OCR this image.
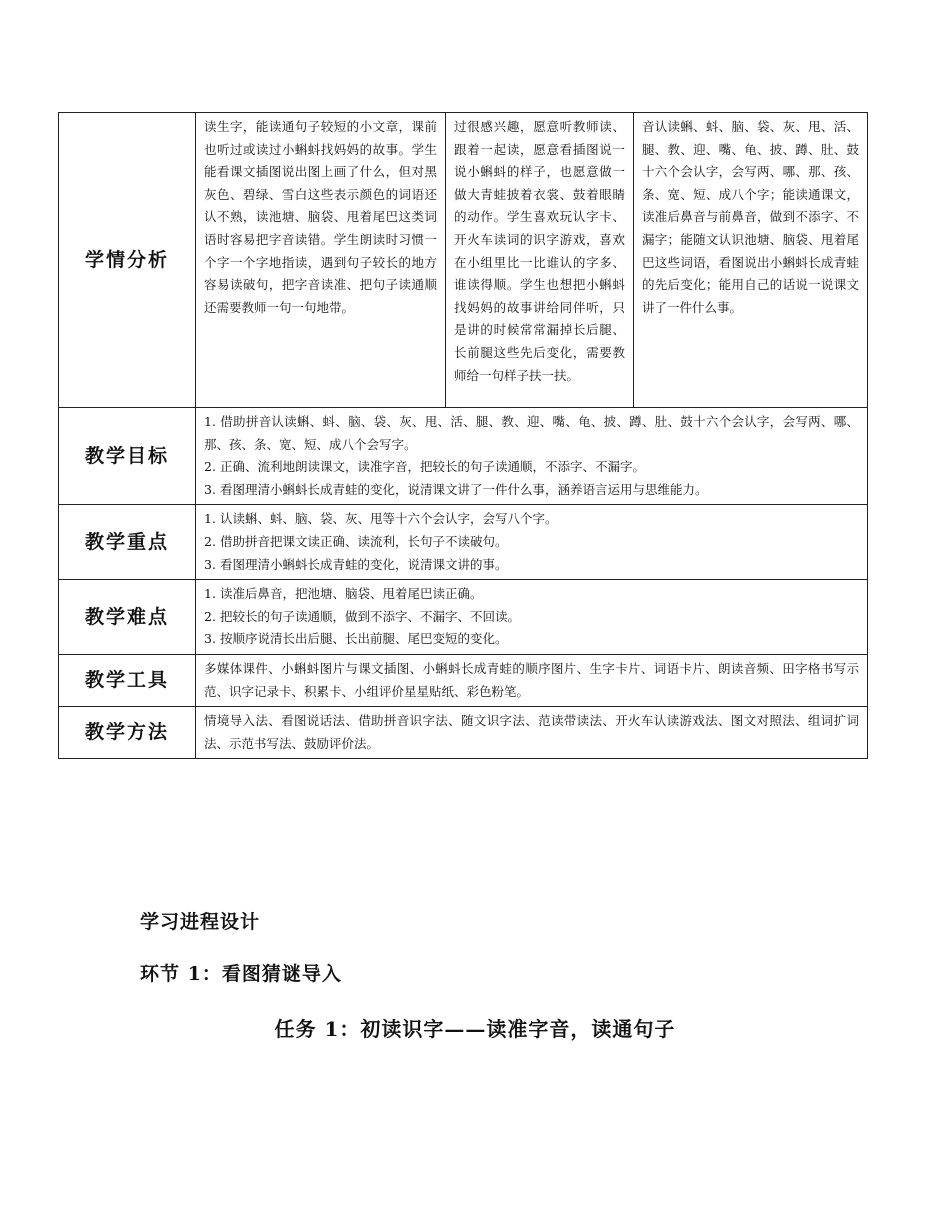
学情分析	读生字，能读通句子较短的小文章，课前也听过或读过小蝌蚪找妈妈的故事。学生能看课文插图说出图上画了什么，但对黑灰色、碧绿、雪白这些表示颜色的词语还认不熟，读池塘、脑袋、甩着尾巴这类词语时容易把字音读错。学生朗读时习惯一个字一个字地指读，遇到句子较长的地方容易读破句，把字音读准、把句子读通顺还需要教师一句一句地带。	过很感兴趣，愿意听教师读、跟着一起读，愿意看插图说一说小蝌蚪的样子，也愿意做一做大青蛙披着衣裳、鼓着眼睛的动作。学生喜欢玩认字卡、开火车读词的识字游戏，喜欢在小组里比一比谁认的字多、谁读得顺。学生也想把小蝌蚪找妈妈的故事讲给同伴听，只是讲的时候常常漏掉长后腿、长前腿这些先后变化，需要教师给一句样子扶一扶。	音认读蝌、蚪、脑、袋、灰、甩、活、腿、教、迎、嘴、龟、披、蹲、肚、鼓十六个会认字，会写两、哪、那、孩、条、宽、短、成八个字；能读通课文，读准后鼻音与前鼻音，做到不添字、不漏字；能随文认识池塘、脑袋、甩着尾巴这些词语，看图说出小蝌蚪长成青蛙的先后变化；能用自己的话说一说课文讲了一件什么事。

教学目标	1. 借助拼音认读蝌、蚪、脑、袋、灰、甩、活、腿、教、迎、嘴、龟、披、蹲、肚、鼓十六个会认字，会写两、哪、那、孩、条、宽、短、成八个会写字。
2. 正确、流利地朗读课文，读准字音，把较长的句子读通顺，不添字、不漏字。
3. 看图理清小蝌蚪长成青蛙的变化，说清课文讲了一件什么事，涵养语言运用与思维能力。		

教学重点	1. 认读蝌、蚪、脑、袋、灰、甩等十六个会认字，会写八个字。
2. 借助拼音把课文读正确、读流利，长句子不读破句。
3. 看图理清小蝌蚪长成青蛙的变化，说清课文讲的事。		

教学难点	1. 读准后鼻音，把池塘、脑袋、甩着尾巴读正确。
2. 把较长的句子读通顺，做到不添字、不漏字、不回读。
3. 按顺序说清长出后腿、长出前腿、尾巴变短的变化。		

教学工具	多媒体课件、小蝌蚪图片与课文插图、小蝌蚪长成青蛙的顺序图片、生字卡片、词语卡片、朗读音频、田字格书写示范、识字记录卡、积累卡、小组评价星星贴纸、彩色粉笔。		

教学方法	情境导入法、看图说话法、借助拼音识字法、随文识字法、范读带读法、开火车认读游戏法、图文对照法、组词扩词法、示范书写法、鼓励评价法。		

学习进程设计
环节 1：看图猜谜导入
任务 1：初读识字——读准字音，读通句子
